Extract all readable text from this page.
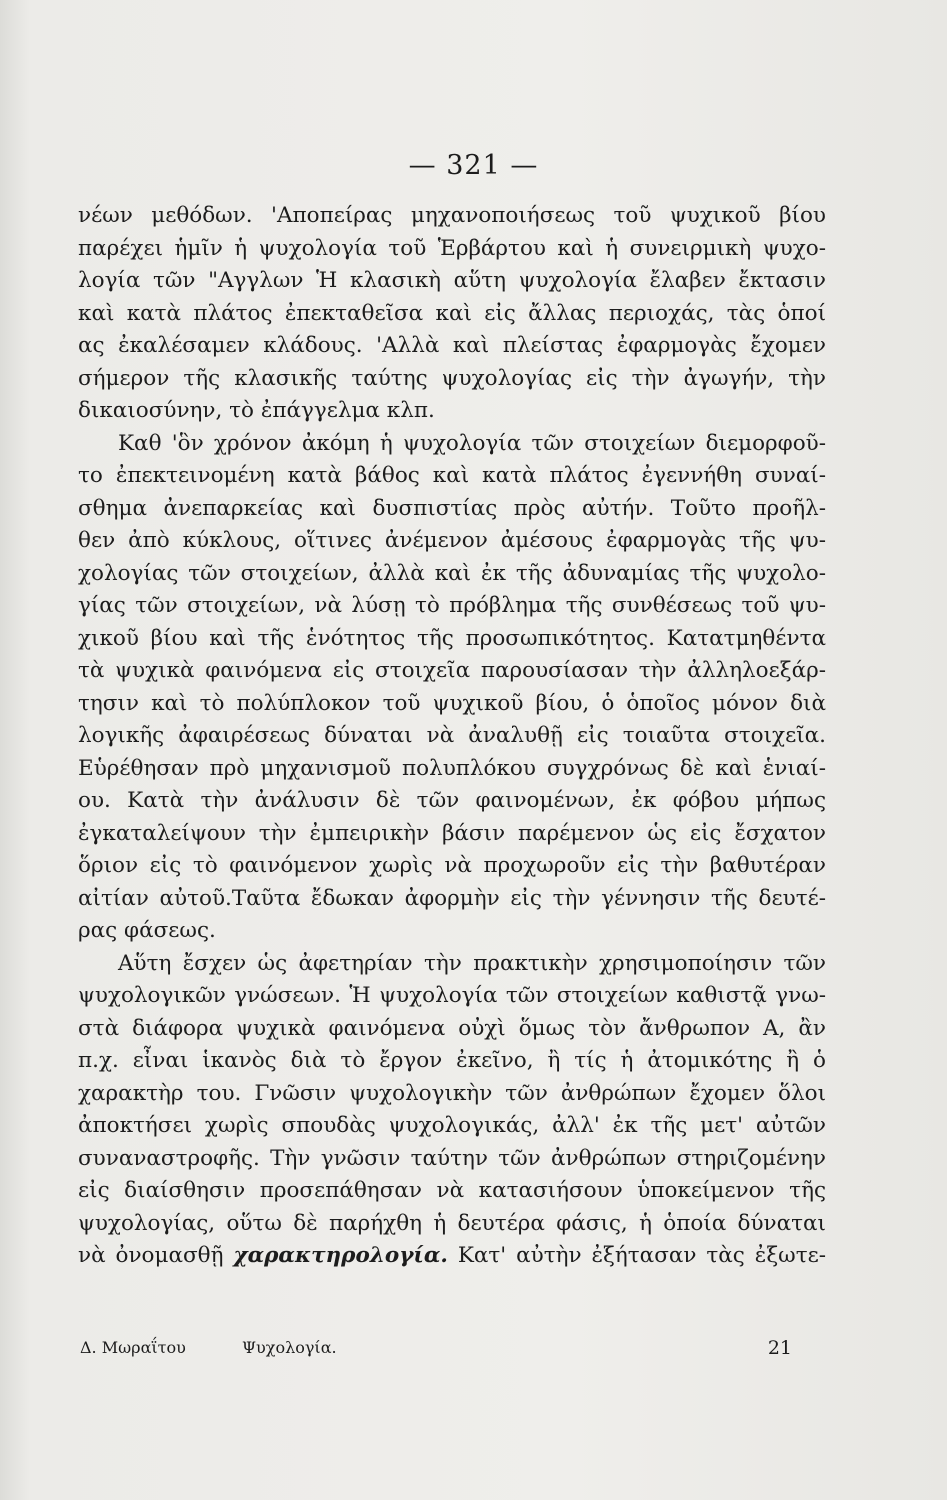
— 321 —
νέων μεθόδων. 'Αποπείρας μηχανοποιήσεως τοῦ ψυχικοῦ βίου
παρέχει ἡμῖν ἡ ψυχολογία τοῦ Ἑρβάρτου καὶ ἡ συνειρμικὴ ψυχο-
λογία τῶν "Αγγλων Ἡ κλασικὴ αὕτη ψυχολογία ἔλαβεν ἔκτασιν
καὶ κατὰ πλάτος ἐπεκταθεῖσα καὶ εἰς ἄλλας περιοχάς, τὰς ὁποί
ας ἐκαλέσαμεν κλάδους. 'Αλλὰ καὶ πλείστας ἐφαρμογὰς ἔχομεν
σήμερον τῆς κλασικῆς ταύτης ψυχολογίας εἰς τὴν ἀγωγήν, τὴν
δικαιοσύνην, τὸ ἐπάγγελμα κλπ.
Καθ 'ὃν χρόνον ἀκόμη ἡ ψυχολογία τῶν στοιχείων διεμορφοῦ-
το ἐπεκτεινομένη κατὰ βάθος καὶ κατὰ πλάτος ἐγεννήθη συναί-
σθημα ἀνεπαρκείας καὶ δυσπιστίας πρὸς αὐτήν. Τοῦτο προῆλ-
θεν ἀπὸ κύκλους, οἵτινες ἀνέμενον ἀμέσους ἐφαρμογὰς τῆς ψυ-
χολογίας τῶν στοιχείων, ἀλλὰ καὶ ἐκ τῆς ἀδυναμίας τῆς ψυχολο-
γίας τῶν στοιχείων, νὰ λύσῃ τὸ πρόβλημα τῆς συνθέσεως τοῦ ψυ-
χικοῦ βίου καὶ τῆς ἑνότητος τῆς προσωπικότητος. Κατατμηθέντα
τὰ ψυχικὰ φαινόμενα εἰς στοιχεῖα παρουσίασαν τὴν ἀλληλοεξάρ-
τησιν καὶ τὸ πολύπλοκον τοῦ ψυχικοῦ βίου, ὁ ὁποῖος μόνον διὰ
λογικῆς ἀφαιρέσεως δύναται νὰ ἀναλυθῇ εἰς τοιαῦτα στοιχεῖα.
Εὑρέθησαν πρὸ μηχανισμοῦ πολυπλόκου συγχρόνως δὲ καὶ ἑνιαί-
ου. Κατὰ τὴν ἀνάλυσιν δὲ τῶν φαινομένων, ἐκ φόβου μήπως
ἐγκαταλείψουν τὴν ἐμπειρικὴν βάσιν παρέμενον ὡς εἰς ἔσχατον
ὅριον εἰς τὸ φαινόμενον χωρὶς νὰ προχωροῦν εἰς τὴν βαθυτέραν
αἰτίαν αὐτοῦ.Ταῦτα ἔδωκαν ἀφορμὴν εἰς τὴν γέννησιν τῆς δευτέ-
ρας φάσεως.
Αὕτη ἔσχεν ὡς ἀφετηρίαν τὴν πρακτικὴν χρησιμοποίησιν τῶν
ψυχολογικῶν γνώσεων. Ἡ ψυχολογία τῶν στοιχείων καθιστᾷ γνω-
στὰ διάφορα ψυχικὰ φαινόμενα οὐχὶ ὅμως τὸν ἄνθρωπον Α, ἂν
π.χ. εἶναι ἱκανὸς διὰ τὸ ἔργον ἐκεῖνο, ἢ τίς ἡ ἀτομικότης ἢ ὁ
χαρακτὴρ του. Γνῶσιν ψυχολογικὴν τῶν ἀνθρώπων ἔχομεν ὅλοι
ἀποκτήσει χωρὶς σπουδὰς ψυχολογικάς, ἀλλ' ἐκ τῆς μετ' αὐτῶν
συναναστροφῆς. Τὴν γνῶσιν ταύτην τῶν ἀνθρώπων στηριζομένην
εἰς διαίσθησιν προσεπάθησαν νὰ κατασιήσουν ὑποκείμενον τῆς
ψυχολογίας, οὕτω δὲ παρήχθη ἡ δευτέρα φάσις, ἡ ὁποία δύναται
νὰ ὀνομασθῇ χαρακτηρολογία. Κατ' αὐτὴν ἐξήτασαν τὰς ἐξωτε-
Δ. Μωραΐτου	Ψυχολογία.	21
